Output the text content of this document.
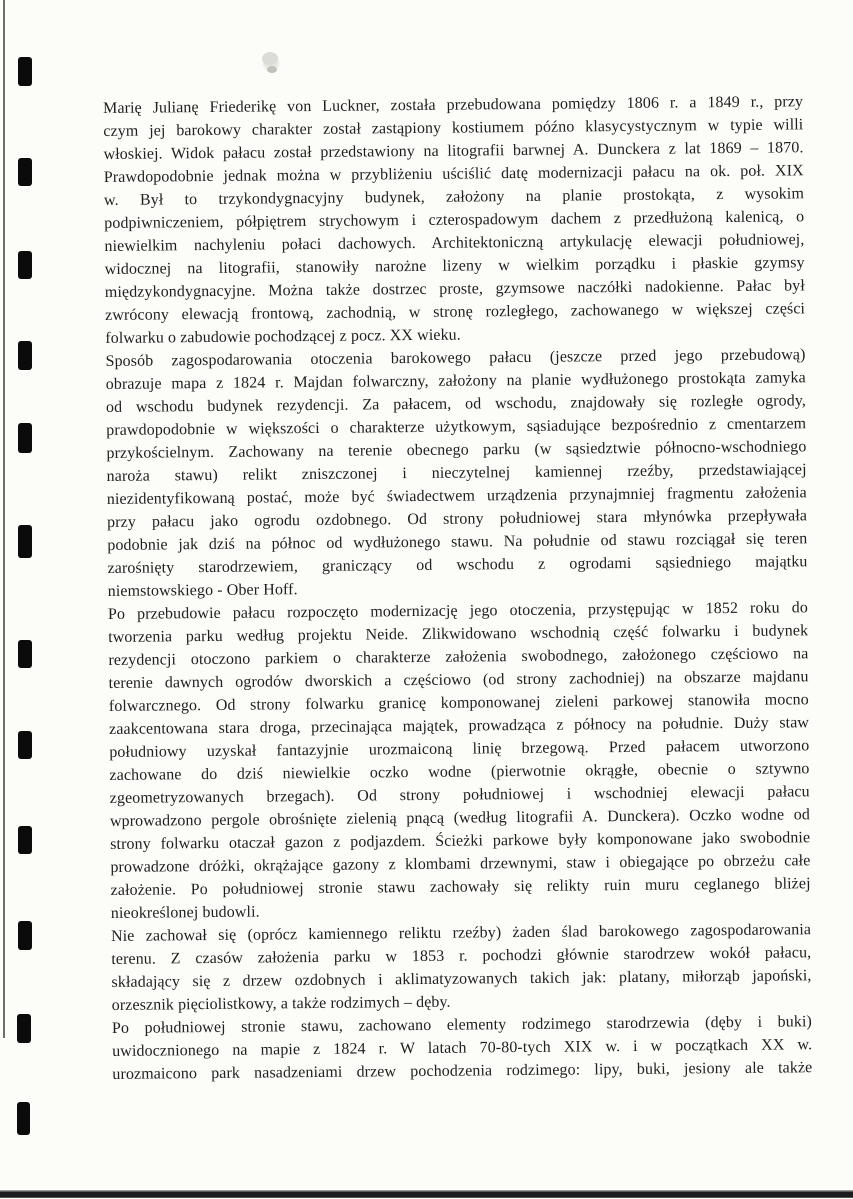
Marię Julianę Friederikę von Luckner, została przebudowana pomiędzy 1806 r. a 1849 r., przy
czym jej barokowy charakter został zastąpiony kostiumem późno klasycystycznym w typie willi
włoskiej. Widok pałacu został przedstawiony na litografii barwnej A. Dunckera z lat 1869 – 1870.
Prawdopodobnie jednak można w przybliżeniu uściślić datę modernizacji pałacu na ok. poł. XIX
w. Był to trzykondygnacyjny budynek, założony na planie prostokąta, z wysokim
podpiwniczeniem, półpiętrem strychowym i czterospadowym dachem z przedłużoną kalenicą, o
niewielkim nachyleniu połaci dachowych. Architektoniczną artykulację elewacji południowej,
widocznej na litografii, stanowiły narożne lizeny w wielkim porządku i płaskie gzymsy
międzykondygnacyjne. Można także dostrzec proste, gzymsowe naczółki nadokienne. Pałac był
zwrócony elewacją frontową, zachodnią, w stronę rozległego, zachowanego w większej części
folwarku o zabudowie pochodzącej z pocz. XX wieku.
Sposób zagospodarowania otoczenia barokowego pałacu (jeszcze przed jego przebudową)
obrazuje mapa z 1824 r. Majdan folwarczny, założony na planie wydłużonego prostokąta zamyka
od wschodu budynek rezydencji. Za pałacem, od wschodu, znajdowały się rozległe ogrody,
prawdopodobnie w większości o charakterze użytkowym, sąsiadujące bezpośrednio z cmentarzem
przykościelnym. Zachowany na terenie obecnego parku (w sąsiedztwie północno-wschodniego
naroża stawu) relikt zniszczonej i nieczytelnej kamiennej rzeźby, przedstawiającej
niezidentyfikowaną postać, może być świadectwem urządzenia przynajmniej fragmentu założenia
przy pałacu jako ogrodu ozdobnego. Od strony południowej stara młynówka przepływała
podobnie jak dziś na północ od wydłużonego stawu. Na południe od stawu rozciągał się teren
zarośnięty starodrzewiem, graniczący od wschodu z ogrodami sąsiedniego majątku
niemstowskiego - Ober Hoff.
Po przebudowie pałacu rozpoczęto modernizację jego otoczenia, przystępując w 1852 roku do
tworzenia parku według projektu Neide. Zlikwidowano wschodnią część folwarku i budynek
rezydencji otoczono parkiem o charakterze założenia swobodnego, założonego częściowo na
terenie dawnych ogrodów dworskich a częściowo (od strony zachodniej) na obszarze majdanu
folwarcznego. Od strony folwarku granicę komponowanej zieleni parkowej stanowiła mocno
zaakcentowana stara droga, przecinająca majątek, prowadząca z północy na południe. Duży staw
południowy uzyskał fantazyjnie urozmaiconą linię brzegową. Przed pałacem utworzono
zachowane do dziś niewielkie oczko wodne (pierwotnie okrągłe, obecnie o sztywno
zgeometryzowanych brzegach). Od strony południowej i wschodniej elewacji pałacu
wprowadzono pergole obrośnięte zielenią pnącą (według litografii A. Dunckera). Oczko wodne od
strony folwarku otaczał gazon z podjazdem. Ścieżki parkowe były komponowane jako swobodnie
prowadzone dróżki, okrążające gazony z klombami drzewnymi, staw i obiegające po obrzeżu całe
założenie. Po południowej stronie stawu zachowały się relikty ruin muru ceglanego bliżej
nieokreślonej budowli.
Nie zachował się (oprócz kamiennego reliktu rzeźby) żaden ślad barokowego zagospodarowania
terenu. Z czasów założenia parku w 1853 r. pochodzi głównie starodrzew wokół pałacu,
składający się z drzew ozdobnych i aklimatyzowanych takich jak: platany, miłorząb japoński,
orzesznik pięciolistkowy, a także rodzimych – dęby.
Po południowej stronie stawu, zachowano elementy rodzimego starodrzewia (dęby i buki)
uwidocznionego na mapie z 1824 r. W latach 70-80-tych XIX w. i w początkach XX w.
urozmaicono park nasadzeniami drzew pochodzenia rodzimego: lipy, buki, jesiony ale także
